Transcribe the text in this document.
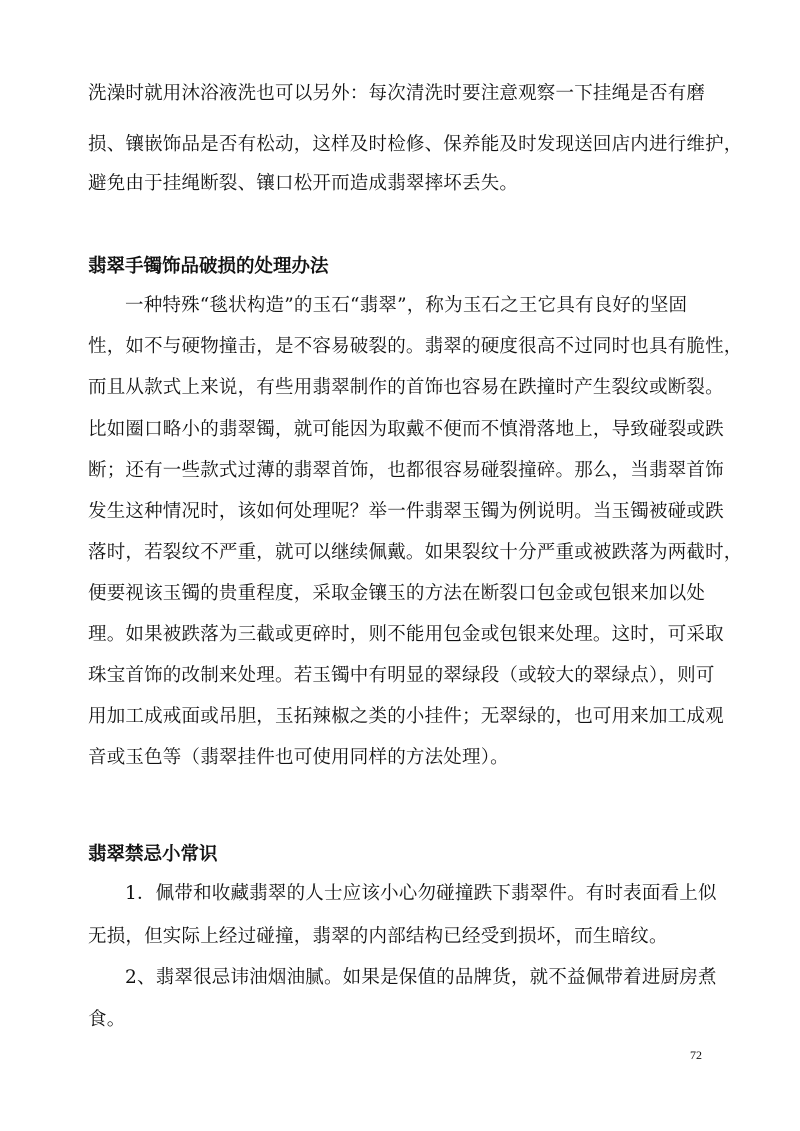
洗澡时就用沐浴液洗也可以另外：每次清洗时要注意观察一下挂绳是否有磨
损、镶嵌饰品是否有松动，这样及时检修、保养能及时发现送回店内进行维护，
避免由于挂绳断裂、镶口松开而造成翡翠摔坏丢失。
翡翠手镯饰品破损的处理办法
一种特殊“毯状构造”的玉石“翡翠”，称为玉石之王它具有良好的坚固
性，如不与硬物撞击，是不容易破裂的。翡翠的硬度很高不过同时也具有脆性，
而且从款式上来说，有些用翡翠制作的首饰也容易在跌撞时产生裂纹或断裂。
比如圈口略小的翡翠镯，就可能因为取戴不便而不慎滑落地上，导致碰裂或跌
断；还有一些款式过薄的翡翠首饰，也都很容易碰裂撞碎。那么，当翡翠首饰
发生这种情况时，该如何处理呢？举一件翡翠玉镯为例说明。当玉镯被碰或跌
落时，若裂纹不严重，就可以继续佩戴。如果裂纹十分严重或被跌落为两截时，
便要视该玉镯的贵重程度，采取金镶玉的方法在断裂口包金或包银来加以处
理。如果被跌落为三截或更碎时，则不能用包金或包银来处理。这时，可采取
珠宝首饰的改制来处理。若玉镯中有明显的翠绿段（或较大的翠绿点），则可
用加工成戒面或吊胆，玉拓辣椒之类的小挂件；无翠绿的，也可用来加工成观
音或玉色等（翡翠挂件也可使用同样的方法处理）。
翡翠禁忌小常识
1．佩带和收藏翡翠的人士应该小心勿碰撞跌下翡翠件。有时表面看上似
无损，但实际上经过碰撞，翡翠的内部结构已经受到损坏，而生暗纹。
2、翡翠很忌讳油烟油腻。如果是保值的品牌货，就不益佩带着进厨房煮
食。
72
